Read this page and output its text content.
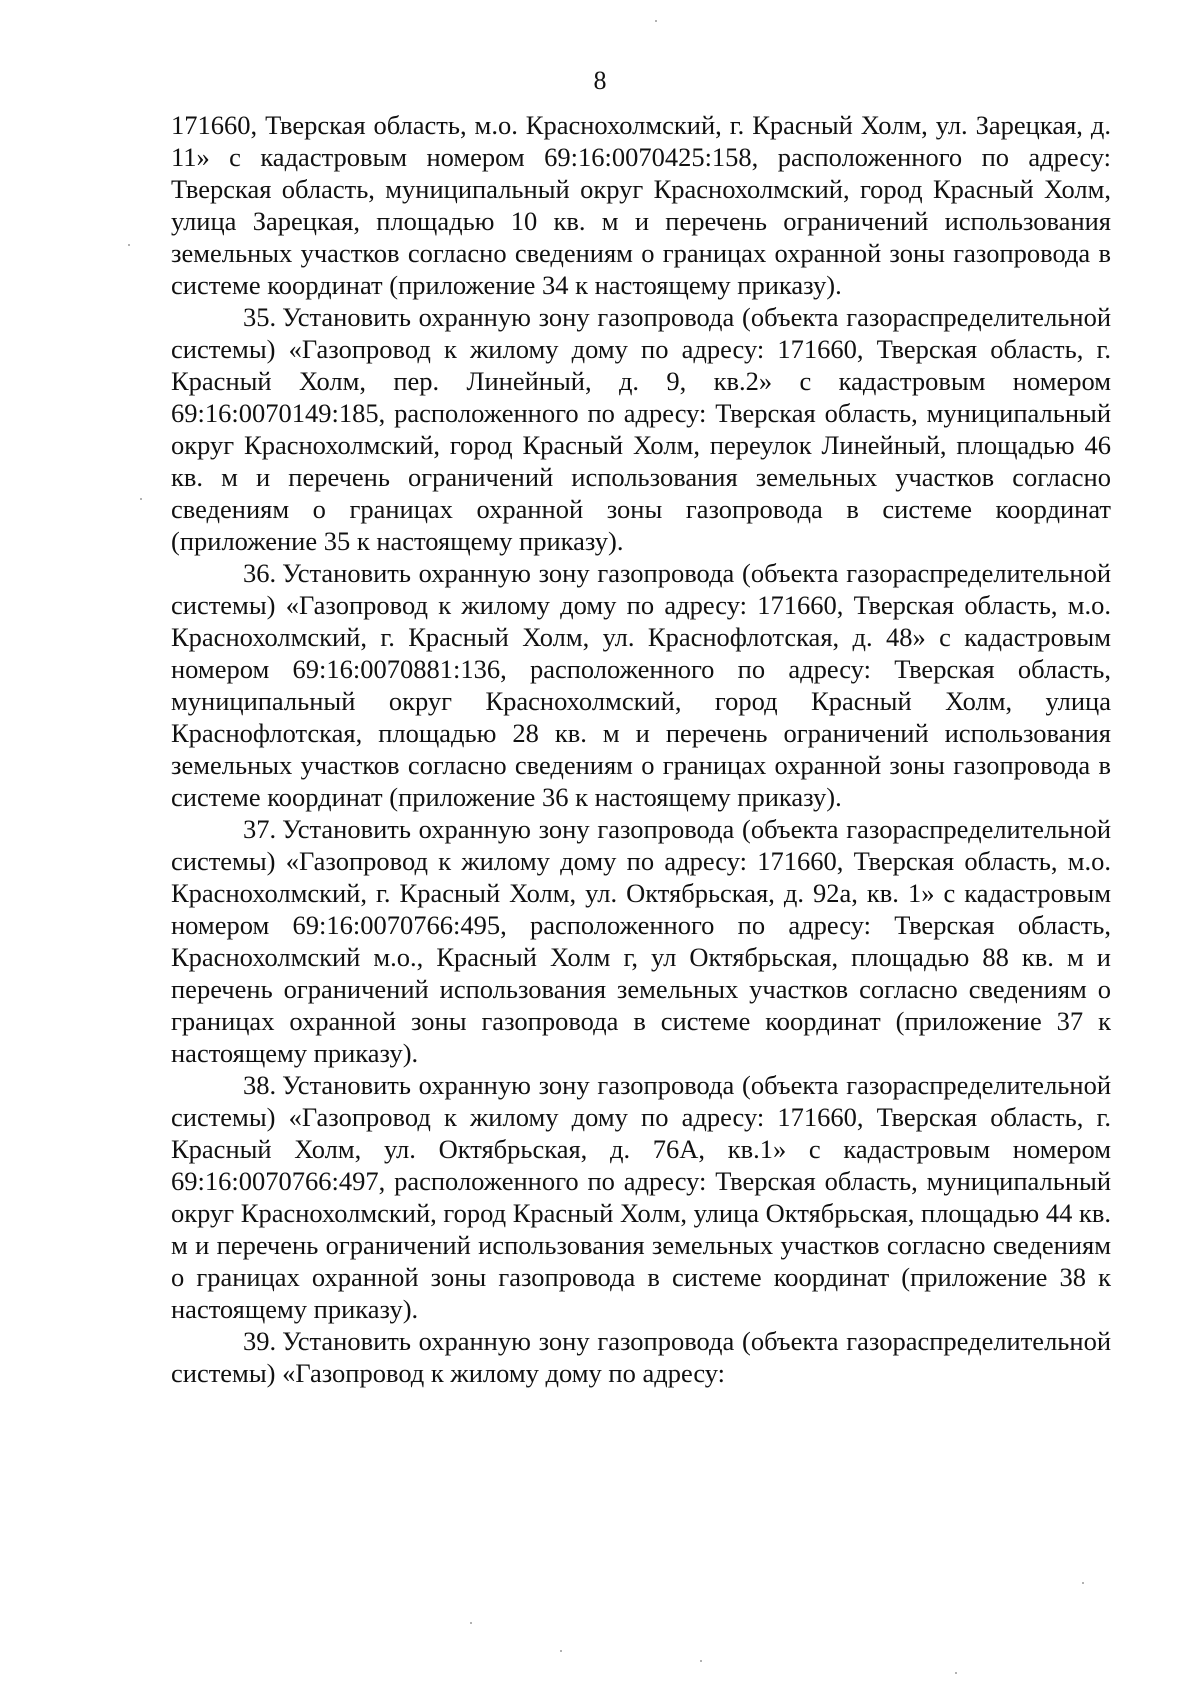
8

171660, Тверская область, м.о. Краснохолмский, г. Красный Холм, ул. Зарецкая, д. 11» с кадастровым номером 69:16:0070425:158, расположенного по адресу: Тверская область, муниципальный округ Краснохолмский, город Красный Холм, улица Зарецкая, площадью 10 кв. м и перечень ограничений использования земельных участков согласно сведениям о границах охранной зоны газопровода в системе координат (приложение 34 к настоящему приказу).

35. Установить охранную зону газопровода (объекта газораспределительной системы) «Газопровод к жилому дому по адресу: 171660, Тверская область, г. Красный Холм, пер. Линейный, д. 9, кв.2» с кадастровым номером 69:16:0070149:185, расположенного по адресу: Тверская область, муниципальный округ Краснохолмский, город Красный Холм, переулок Линейный, площадью 46 кв. м и перечень ограничений использования земельных участков согласно сведениям о границах охранной зоны газопровода в системе координат (приложение 35 к настоящему приказу).

36. Установить охранную зону газопровода (объекта газораспределительной системы) «Газопровод к жилому дому по адресу: 171660, Тверская область, м.о. Краснохолмский, г. Красный Холм, ул. Краснофлотская, д. 48» с кадастровым номером 69:16:0070881:136, расположенного по адресу: Тверская область, муниципальный округ Краснохолмский, город Красный Холм, улица Краснофлотская, площадью 28 кв. м и перечень ограничений использования земельных участков согласно сведениям о границах охранной зоны газопровода в системе координат (приложение 36 к настоящему приказу).

37. Установить охранную зону газопровода (объекта газораспределительной системы) «Газопровод к жилому дому по адресу: 171660, Тверская область, м.о. Краснохолмский, г. Красный Холм, ул. Октябрьская, д. 92а, кв. 1» с кадастровым номером 69:16:0070766:495, расположенного по адресу: Тверская область, Краснохолмский м.о., Красный Холм г, ул Октябрьская, площадью 88 кв. м и перечень ограничений использования земельных участков согласно сведениям о границах охранной зоны газопровода в системе координат (приложение 37 к настоящему приказу).

38. Установить охранную зону газопровода (объекта газораспределительной системы) «Газопровод к жилому дому по адресу: 171660, Тверская область, г. Красный Холм, ул. Октябрьская, д. 76А, кв.1» с кадастровым номером 69:16:0070766:497, расположенного по адресу: Тверская область, муниципальный округ Краснохолмский, город Красный Холм, улица Октябрьская, площадью 44 кв. м и перечень ограничений использования земельных участков согласно сведениям о границах охранной зоны газопровода в системе координат (приложение 38 к настоящему приказу).

39. Установить охранную зону газопровода (объекта газораспределительной системы) «Газопровод к жилому дому по адресу:
